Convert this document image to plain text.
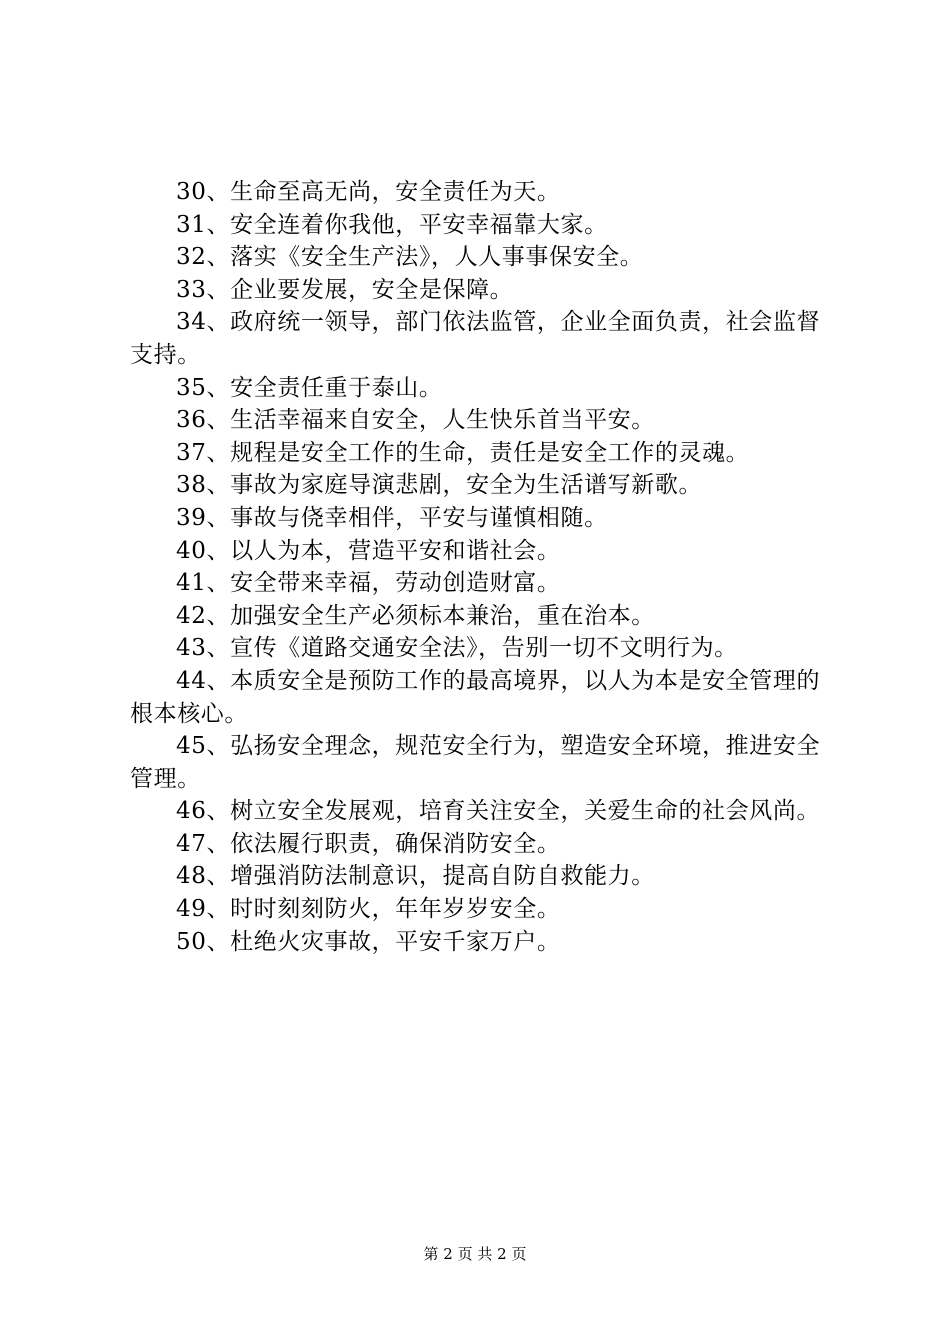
30、生命至高无尚，安全责任为天。

31、安全连着你我他，平安幸福靠大家。

32、落实《安全生产法》，人人事事保安全。

33、企业要发展，安全是保障。

34、政府统一领导，部门依法监管，企业全面负责，社会监督支持。

35、安全责任重于泰山。

36、生活幸福来自安全，人生快乐首当平安。

37、规程是安全工作的生命，责任是安全工作的灵魂。

38、事故为家庭导演悲剧，安全为生活谱写新歌。

39、事故与侥幸相伴，平安与谨慎相随。

40、以人为本，营造平安和谐社会。

41、安全带来幸福，劳动创造财富。

42、加强安全生产必须标本兼治，重在治本。

43、宣传《道路交通安全法》，告别一切不文明行为。

44、本质安全是预防工作的最高境界，以人为本是安全管理的根本核心。

45、弘扬安全理念，规范安全行为，塑造安全环境，推进安全管理。

46、树立安全发展观，培育关注安全，关爱生命的社会风尚。

47、依法履行职责，确保消防安全。

48、增强消防法制意识，提高自防自救能力。

49、时时刻刻防火，年年岁岁安全。

50、杜绝火灾事故，平安千家万户。

第 2 页 共 2 页
